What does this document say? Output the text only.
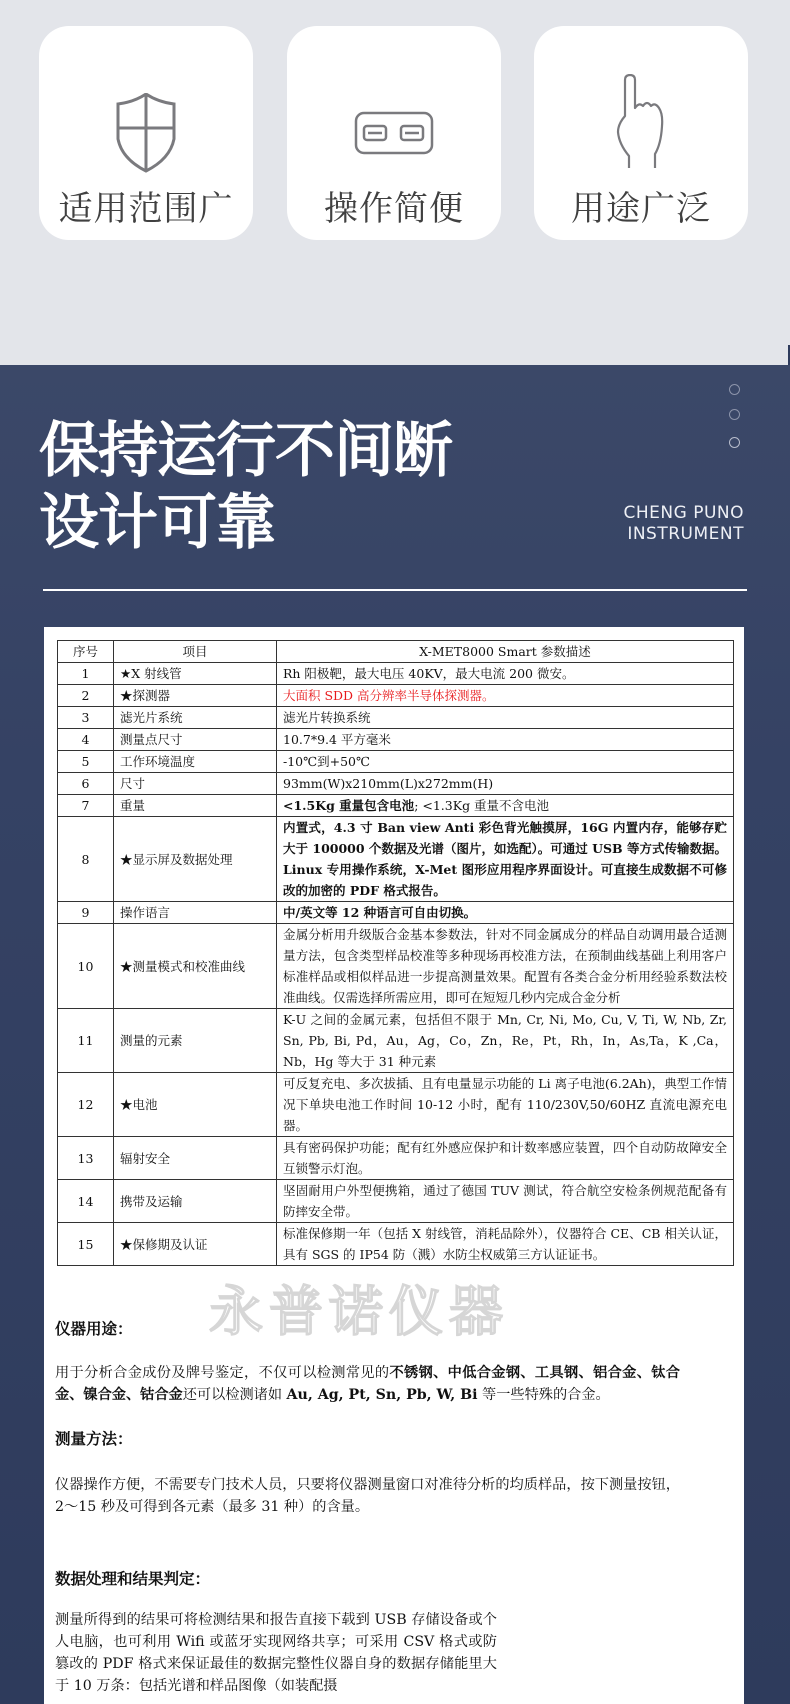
适用范围广	操作简便	用途广泛
保持运行不间断
设计可靠	CHENG PUNO
INSTRUMENT
序号	项目	X-MET8000 Smart 参数描述
1	★X 射线管	Rh 阳极靶，最大电压 40KV，最大电流 200 微安。
2	★探测器	大面积 SDD 高分辨率半导体探测器。
3	滤光片系统	滤光片转换系统
4	测量点尺寸	10.7*9.4 平方毫米
5	工作环境温度	-10℃到+50℃
6	尺寸	93mm(W)x210mm(L)x272mm(H)
7	重量	<1.5Kg 重量包含电池; <1.3Kg 重量不含电池
8	★显示屏及数据处理	内置式，4.3 寸 Ban view Anti 彩色背光触摸屏，16G 内置内存，能够存贮大于 100000 个数据及光谱（图片，如选配）。可通过 USB 等方式传输数据。Linux 专用操作系统，X-Met 图形应用程序界面设计。可直接生成数据不可修改的加密的 PDF 格式报告。
9	操作语言	中/英文等 12 种语言可自由切换。
10	★测量模式和校准曲线	金属分析用升级版合金基本参数法，针对不同金属成分的样品自动调用最合适测量方法，包含类型样品校准等多种现场再校准方法，在预制曲线基础上利用客户标准样品或相似样品进一步提高测量效果。配置有各类合金分析用经验系数法校准曲线。仅需选择所需应用，即可在短短几秒内完成合金分析
11	测量的元素	K-U 之间的金属元素，包括但不限于 Mn, Cr, Ni, Mo, Cu, V, Ti, W, Nb, Zr, Sn, Pb, Bi, Pd，Au，Ag，Co，Zn，Re，Pt，Rh，In，As,Ta，K ,Ca，Nb，Hg 等大于 31 种元素
12	★电池	可反复充电、多次拔插、且有电量显示功能的 Li 离子电池(6.2Ah)，典型工作情况下单块电池工作时间 10-12 小时，配有 110/230V,50/60HZ 直流电源充电器。
13	辐射安全	具有密码保护功能；配有红外感应保护和计数率感应装置，四个自动防故障安全互锁警示灯泡。
14	携带及运输	坚固耐用户外型便携箱，通过了德国 TUV 测试，符合航空安检条例规范配备有防摔安全带。
15	★保修期及认证	标准保修期一年（包括 X 射线管，消耗品除外），仪器符合 CE、CB 相关认证，具有 SGS 的 IP54 防（溅）水防尘权威第三方认证证书。
永普诺仪器
仪器用途：
用于分析合金成份及牌号鉴定，不仅可以检测常见的不锈钢、中低合金钢、工具钢、铝合金、钛合金、镍合金、钴合金还可以检测诸如 Au, Ag, Pt, Sn, Pb, W, Bi 等一些特殊的合金。
测量方法：
仪器操作方便，不需要专门技术人员，只要将仪器测量窗口对准待分析的均质样品，按下测量按钮，2～15 秒及可得到各元素（最多 31 种）的含量。
数据处理和结果判定：
测量所得到的结果可将检测结果和报告直接下载到 USB 存储设备或个人电脑，也可利用 Wifi 或蓝牙实现网络共享；可采用 CSV 格式或防篡改的 PDF 格式来保证最佳的数据完整性仪器自身的数据存储能里大于 10 万条：包括光谱和样品图像（如装配摄
